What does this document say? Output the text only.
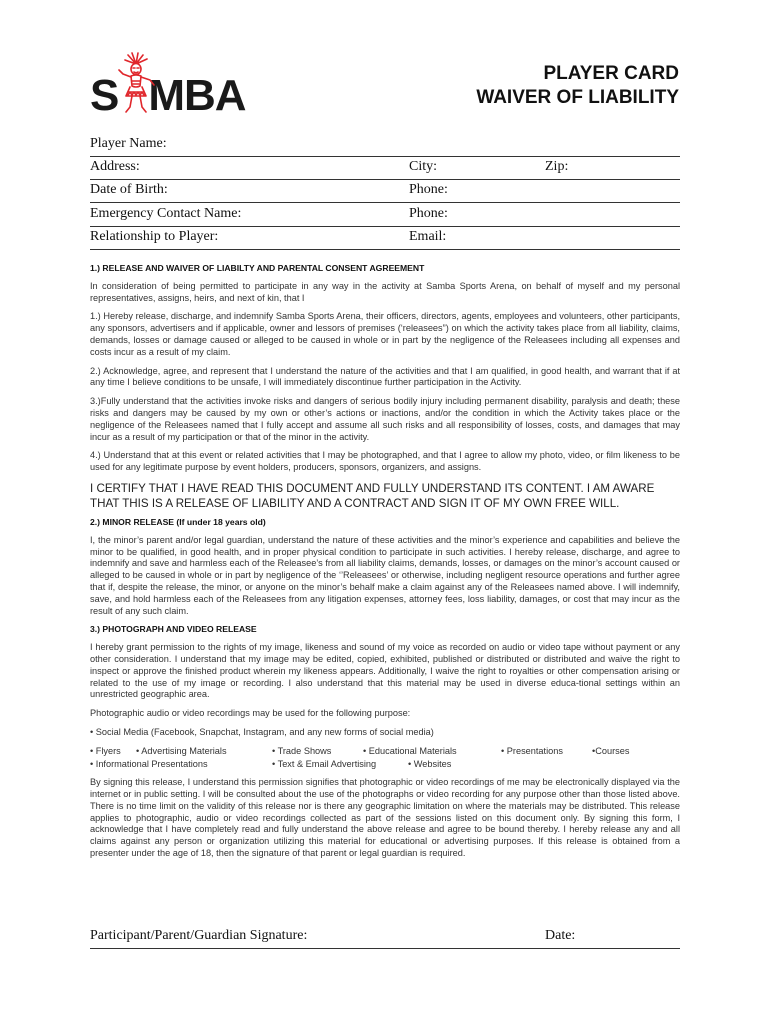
S MBA	PLAYER CARD
WAIVER OF LIABILITY
Player Name:
Address:	City:	Zip:
Date of Birth:	Phone:
Emergency Contact Name:	Phone:
Relationship to Player:	Email:
1.) RELEASE AND WAIVER OF LIABILTY AND PARENTAL CONSENT AGREEMENT

In consideration of being permitted to participate in any way in the activity at Samba Sports Arena, on behalf of myself and my personal representatives, assigns, heirs, and next of kin, that I

1.) Hereby release, discharge, and indemnify Samba Sports Arena, their officers, directors, agents, employees and volunteers, other participants, any sponsors, advertisers and if applicable, owner and lessors of premises (‘releasees”) on which the activity takes place from all liability, claims, demands, losses or damage caused or alleged to be caused in whole or in part by the negligence of the Releasees including all expenses and costs incur as a result of my claim.

2.) Acknowledge, agree, and represent that I understand the nature of the activities and that I am qualified, in good health, and warrant that if at any time I believe conditions to be unsafe, I will immediately discontinue further participation in the Activity.

3.)Fully understand that the activities invoke risks and dangers of serious bodily injury including permanent disability, paralysis and death; these risks and dangers may be caused by my own or other’s actions or inactions, and/or the condition in which the Activity takes place or the negligence of the Releasees named that I fully accept and assume all such risks and all responsibility of losses, costs, and damages that may incur as a result of my participation or that of the minor in the activity.

4.) Understand that at this event or related activities that I may be photographed, and that I agree to allow my photo, video, or film likeness to be used for any legitimate purpose by event holders, producers, sponsors, organizers, and assigns.

I CERTIFY THAT I HAVE READ THIS DOCUMENT AND FULLY UNDERSTAND ITS CONTENT. I AM AWARE THAT THIS IS A RELEASE OF LIABILITY AND A CONTRACT AND SIGN IT OF MY OWN FREE WILL.

2.) MINOR RELEASE (If under 18 years old)

I, the minor’s parent and/or legal guardian, understand the nature of these activities and the minor’s experience and capabilities and believe the minor to be qualified, in good health, and in proper physical condition to participate in such activities. I hereby release, discharge, and agree to indemnify and save and harmless each of the Releasee’s from all liability claims, demands, losses, or damages on the minor’s account caused or alleged to be caused in whole or in part by negligence of the ‘’Releasees’ or otherwise, including negligent resource operations and further agree that if, despite the release, the minor, or anyone on the minor’s behalf make a claim against any of the Releasees named above. I will indemnify, save, and hold harmless each of the Releasees from any litigation expenses, attorney fees, loss liability, damages, or cost that may incur as the result of any such claim.

3.) PHOTOGRAPH AND VIDEO RELEASE

I hereby grant permission to the rights of my image, likeness and sound of my voice as recorded on audio or video tape without payment or any other consideration. I understand that my image may be edited, copied, exhibited, published or distributed or distributed and waive the right to inspect or approve the finished product wherein my likeness appears. Additionally, I waive the right to royalties or other compensation arising or related to the use of my image or recording. I also understand that this material may be used in diverse educa-tional settings within an unrestricted geographic area.

Photographic audio or video recordings may be used for the following purpose:

• Social Media (Facebook, Snapchat, Instagram, and any new forms of social media)

• Flyers	• Advertising Materials	• Trade Shows	• Educational Materials	• Presentations	•Courses
• Informational Presentations	• Text & Email Advertising	• Websites

By signing this release, I understand this permission signifies that photographic or video recordings of me may be electronically displayed via the internet or in public setting. I will be consulted about the use of the photographs or video recording for any purpose other than those listed above. There is no time limit on the validity of this release nor is there any geographic limitation on where the materials may be distributed. This release applies to photographic, audio or video recordings collected as part of the sessions listed on this document only. By signing this form, I acknowledge that I have completely read and fully understand the above release and agree to be bound thereby. I hereby release any and all claims against any person or organization utilizing this material for educational or advertising purposes. If this release is obtained from a presenter under the age of 18, then the signature of that parent or legal guardian is required.

Participant/Parent/Guardian Signature:	Date:
